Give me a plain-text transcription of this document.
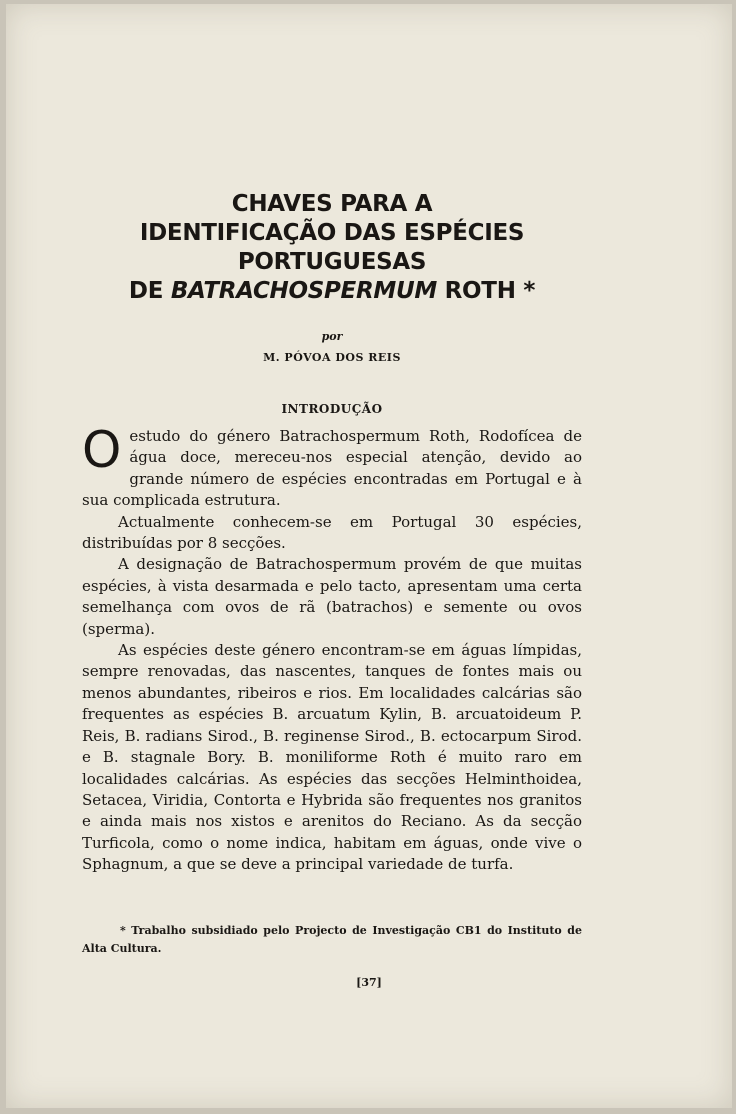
CHAVES PARA A
IDENTIFICAÇÃO DAS ESPÉCIES PORTUGUESAS
DE BATRACHOSPERMUM ROTH *
por
M. PÓVOA DOS REIS
INTRODUÇÃO

O estudo do género Batrachospermum Roth, Rodofícea de água doce, mereceu-nos especial atenção, devido ao grande número de espécies encontradas em Portugal e à sua complicada estrutura.

Actualmente conhecem-se em Portugal 30 espécies, distribuídas por 8 secções.

A designação de Batrachospermum provém de que muitas espécies, à vista desarmada e pelo tacto, apresentam uma certa semelhança com ovos de rã (batrachos) e semente ou ovos (sperma).

As espécies deste género encontram-se em águas límpidas, sempre renovadas, das nascentes, tanques de fontes mais ou menos abundantes, ribeiros e rios. Em localidades calcárias são frequentes as espécies B. arcuatum Kylin, B. arcuatoideum P. Reis, B. radians Sirod., B. reginense Sirod., B. ectocarpum Sirod. e B. stagnale Bory. B. moniliforme Roth é muito raro em localidades calcárias. As espécies das secções Helminthoidea, Setacea, Viridia, Contorta e Hybrida são frequentes nos granitos e ainda mais nos xistos e arenitos do Reciano. As da secção Turficola, como o nome indica, habitam em águas, onde vive o Sphagnum, a que se deve a principal variedade de turfa.

* Trabalho subsidiado pelo Projecto de Investigação CB1 do Instituto de Alta Cultura.
[37]
